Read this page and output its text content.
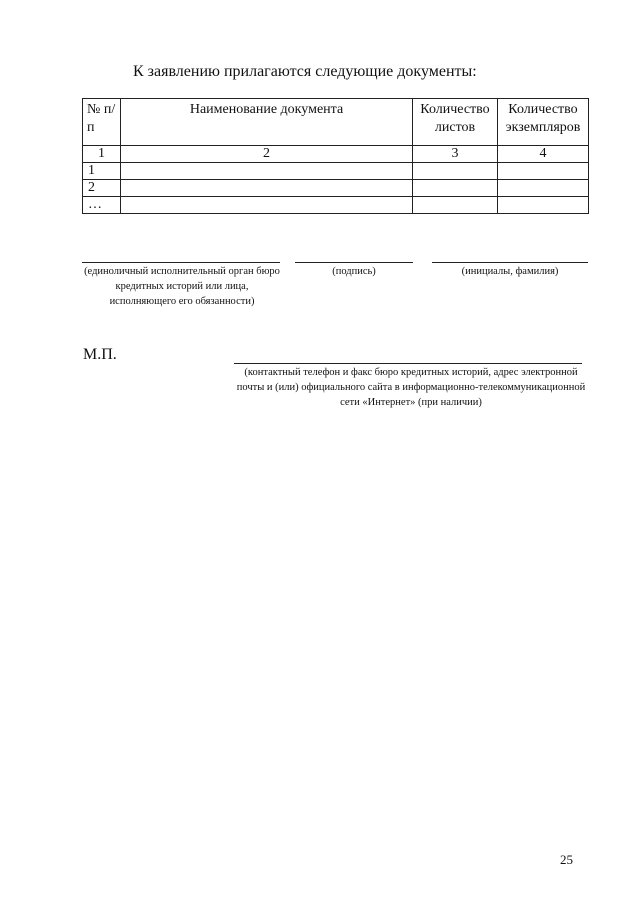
К заявлению прилагаются следующие документы:
№ п/п	Наименование документа	Количество листов	Количество экземпляров
1	2	3	4
1			
2			
…			
(единоличный исполнительный орган бюро кредитных историй или лица, исполняющего его обязанности)
(подпись)	(инициалы, фамилия)
М.П.
(контактный телефон и факс бюро кредитных историй, адрес электронной почты и (или) официального сайта в информационно-телекоммуникационной сети «Интернет» (при наличии)
25
